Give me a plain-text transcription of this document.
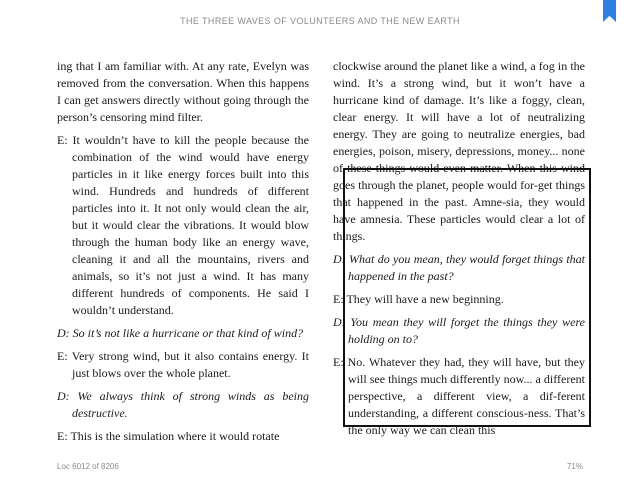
THE THREE WAVES OF VOLUNTEERS AND THE NEW EARTH

ing that I am familiar with. At any rate, Evelyn was removed from the conversation. When this happens I can get answers directly without going through the person’s censoring mind filter.

E: It wouldn’t have to kill the people because the combination of the wind would have energy particles in it like energy forces built into this wind. Hundreds and hundreds of different particles into it. It not only would clean the air, but it would clear the vibrations. It would blow through the human body like an energy wave, cleaning it and all the mountains, rivers and animals, so it’s not just a wind. It has many different hundreds of components. He said I wouldn’t understand.

D: So it’s not like a hurricane or that kind of wind?

E: Very strong wind, but it also contains energy. It just blows over the whole planet.

D: We always think of strong winds as being destructive.

E: This is the simulation where it would rotate

clockwise around the planet like a wind, a fog in the wind. It’s a strong wind, but it won’t have a hurricane kind of damage. It’s like a foggy, clean, clear energy. It will have a lot of neutralizing energy. They are going to neutralize energies, bad energies, poison, misery, depressions, money... none of these things would even matter. When this wind goes through the planet, people would for-get things that happened in the past. Amne-sia, they would have amnesia. These particles would clear a lot of things.

D: What do you mean, they would forget things that happened in the past?

E: They will have a new beginning.

D: You mean they will forget the things they were holding on to?

E: No. Whatever they had, they will have, but they will see things much differently now... a different perspective, a different view, a dif-ferent understanding, a different conscious-ness. That’s the only way we can clean this

Loc 6012 of 8206	71%
